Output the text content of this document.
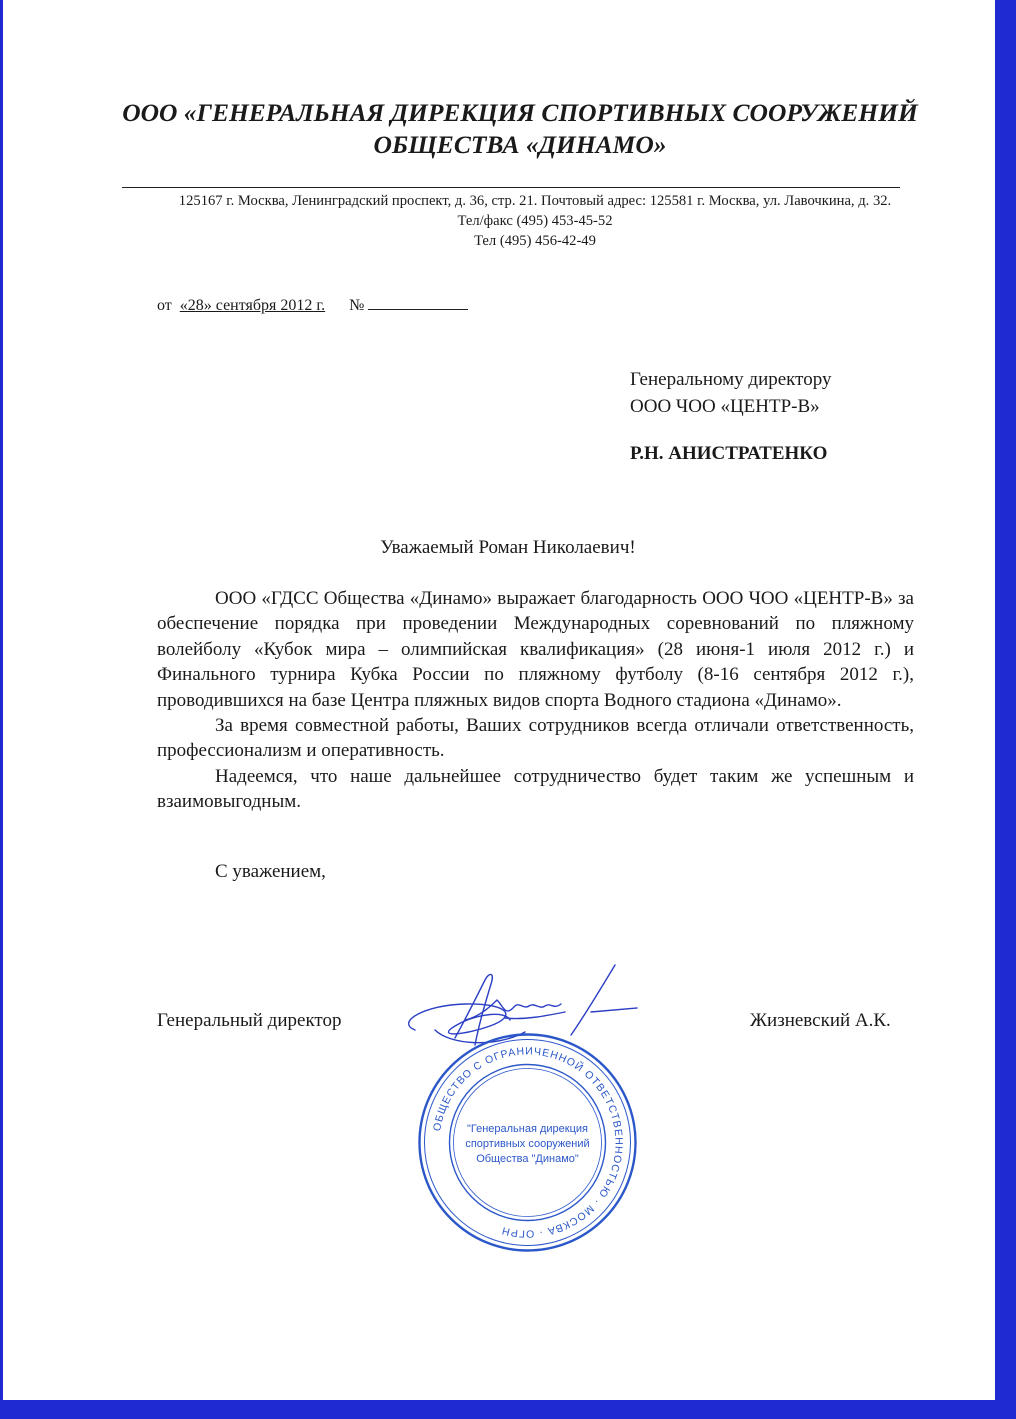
ООО «ГЕНЕРАЛЬНАЯ ДИРЕКЦИЯ СПОРТИВНЫХ СООРУЖЕНИЙ
ОБЩЕСТВА «ДИНАМО»
125167 г. Москва, Ленинградский проспект, д. 36, стр. 21. Почтовый адрес: 125581 г. Москва, ул. Лавочкина, д. 32.
Тел/факс (495) 453-45-52
Тел (495) 456-42-49
от «28» сентября 2012 г. №
Генеральному директору
ООО ЧОО «ЦЕНТР-В»
Р.Н. АНИСТРАТЕНКО
Уважаемый Роман Николаевич!

ООО «ГДСС Общества «Динамо» выражает благодарность ООО ЧОО «ЦЕНТР-В» за обеспечение порядка при проведении Международных соревнований по пляжному волейболу «Кубок мира – олимпийская квалификация» (28 июня-1 июля 2012 г.) и Финального турнира Кубка России по пляжному футболу (8-16 сентября 2012 г.), проводившихся на базе Центра пляжных видов спорта Водного стадиона «Динамо».

За время совместной работы, Ваших сотрудников всегда отличали ответственность, профессионализм и оперативность.

Надеемся, что наше дальнейшее сотрудничество будет таким же успешным и взаимовыгодным.

С уважением,
Генеральный директор	Жизневский А.К.
ОБЩЕСТВО С ОГРАНИЧЕННОЙ ОТВЕТСТВЕННОСТЬЮ · МОСКВА · ОГРН
"Генеральная дирекция
спортивных сооружений
Общества "Динамо"
